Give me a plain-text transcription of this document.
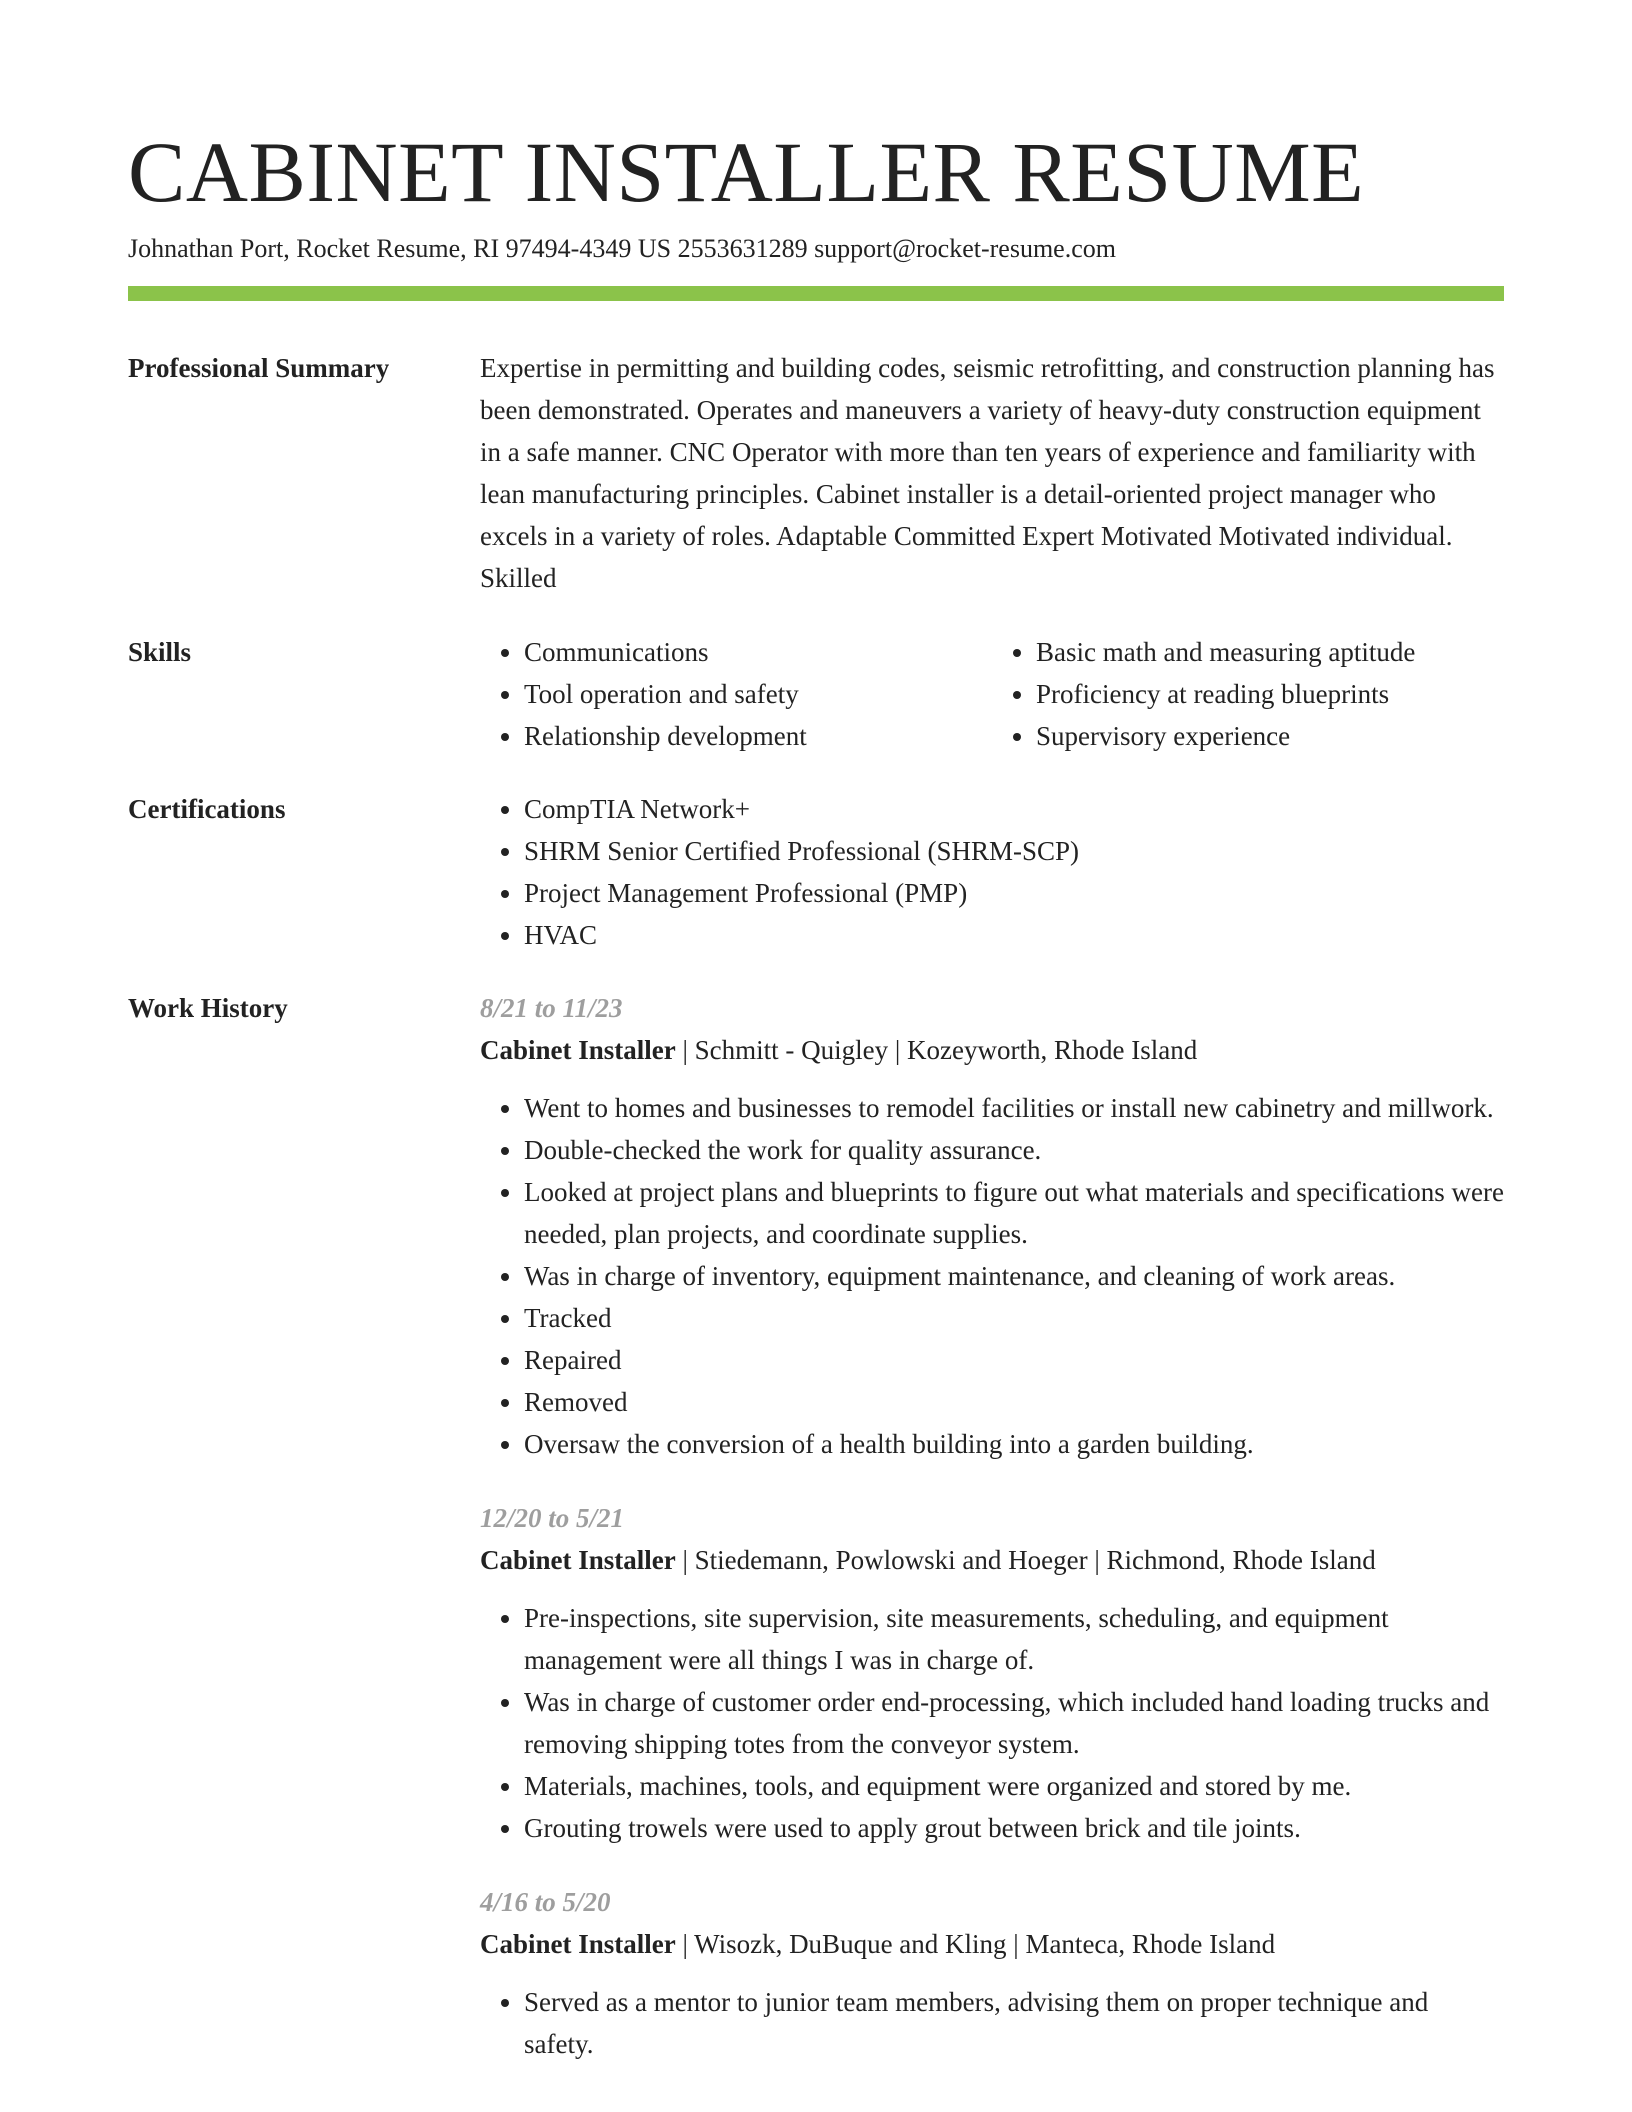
CABINET INSTALLER RESUME
Johnathan Port, Rocket Resume, RI 97494-4349 US 2553631289 support@rocket-resume.com
Professional Summary	Expertise in permitting and building codes, seismic retrofitting, and construction planning has been demonstrated. Operates and maneuvers a variety of heavy-duty construction equipment in a safe manner. CNC Operator with more than ten years of experience and familiarity with lean manufacturing principles. Cabinet installer is a detail-oriented project manager who excels in a variety of roles. Adaptable Committed Expert Motivated Motivated individual. Skilled

Skills	• Communications
• Tool operation and safety
• Relationship development
• Basic math and measuring aptitude
• Proficiency at reading blueprints
• Supervisory experience
Certifications	• CompTIA Network+
• SHRM Senior Certified Professional (SHRM-SCP)
• Project Management Professional (PMP)
• HVAC
Work History	8/21 to 11/23
Cabinet Installer | Schmitt - Quigley | Kozeyworth, Rhode Island
• Went to homes and businesses to remodel facilities or install new cabinetry and millwork.
• Double-checked the work for quality assurance.
• Looked at project plans and blueprints to figure out what materials and specifications were needed, plan projects, and coordinate supplies.
• Was in charge of inventory, equipment maintenance, and cleaning of work areas.
• Tracked
• Repaired
• Removed
• Oversaw the conversion of a health building into a garden building.
12/20 to 5/21
Cabinet Installer | Stiedemann, Powlowski and Hoeger | Richmond, Rhode Island
• Pre-inspections, site supervision, site measurements, scheduling, and equipment management were all things I was in charge of.
• Was in charge of customer order end-processing, which included hand loading trucks and removing shipping totes from the conveyor system.
• Materials, machines, tools, and equipment were organized and stored by me.
• Grouting trowels were used to apply grout between brick and tile joints.
4/16 to 5/20
Cabinet Installer | Wisozk, DuBuque and Kling | Manteca, Rhode Island
• Served as a mentor to junior team members, advising them on proper technique and safety.
